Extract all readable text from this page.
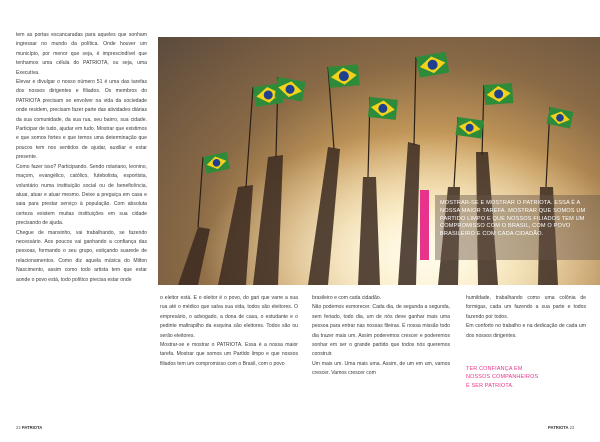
tem as portas escancaradas para aqueles que sonham ingressar no mundo da política. Onde houver um município, por menor que seja, é imprescindível que tenhamos uma célula do PATRIOTA, ou seja, uma Executiva.

Elevar e divulgar o nosso número 51 é uma das tarefas dos nossos dirigentes e filiados. Os membros do PATRIOTA precisam se envolver na vida da sociedade onde residem, precisam fazer parte das atividades diárias da sua comunidade, da sua rua, seu bairro, sua cidade. Participar de tudo, ajudar em tudo. Mostrar que existimos e que somos fortes e que temos uma determinação que poucos tem nos sentidos de ajudar, auxiliar e estar presente.

Como fazer isso? Participando. Sendo rotariano, leonino, maçom, evangélico, católico, futebolista, esportista, voluntário numa instituição social ou de beneficência, atuar, atuar e atuar mesmo. Deixe a preguiça em casa e saia para prestar serviço à população. Com absoluta certeza existem muitas instituições em sua cidade precisando de ajuda.

Chegue de mansinho, vai trabalhando, se fazendo necessário. Aos poucos vai ganhando a confiança das pessoas, formando o seu grupo, estiçando suarede de relacionamentos. Como diz aquela música do Milton Nascimento, assim como todo artista tem que estar aonde o povo está, todo político precisa estar onde

MOSTRAR-SE E MOSTRAR O PATRIOTA. ESSA É A NOSSA MAIOR TAREFA. MOSTRAR QUE SOMOS UM PARTIDO LIMPO E QUE NOSSOS FILIADOS TEM UM COMPROMISSO COM O BRASIL, COM O POVO BRASILEIRO E COM CADA CIDADÃO.

o eleitor está. E o eleitor é o povo, do gari que varre a sua rua até o médico que salva sua vida, todos são eleitores. O empresário, o advogado, a dona de casa, o estudante e o pedinte maltrapilho da esquina são eleitores. Todos são ou serão eleitores.

Mostrar-se e mostrar o PATRIOTA. Essa é a nossa maior tarefa. Mostrar que somos um Partido limpo e que nossos filiados tem um compromisso com o Brasil, com o povo

brasileiro e com cada cidadão.

Não podemos esmorecer. Cada dia, de segunda a segunda, sem feriado, todo dia, um de nós deve ganhar mais uma pessoa para entrar nas nossas fileiras. É nossa missão todo dia trazer mais um. Assim poderemos crescer e poderemos sonhar em ser o grande partido que todos nós queremos construir.

Um mais um. Uma mais uma. Assim, de um em um, vamos crescer. Vamos crescer com

humildade, trabalhando como uma colônia de formigas, cada um fazendo a sua parte e todos fazendo por todos.

Em conforto no trabalho e na dedicação de cada um dos nossos dirigentes.

TER CONFIANÇA EM
NOSSOS COMPANHEIROS
É SER PATRIOTA.
22 PATRIOTA	PATRIOTA 23
